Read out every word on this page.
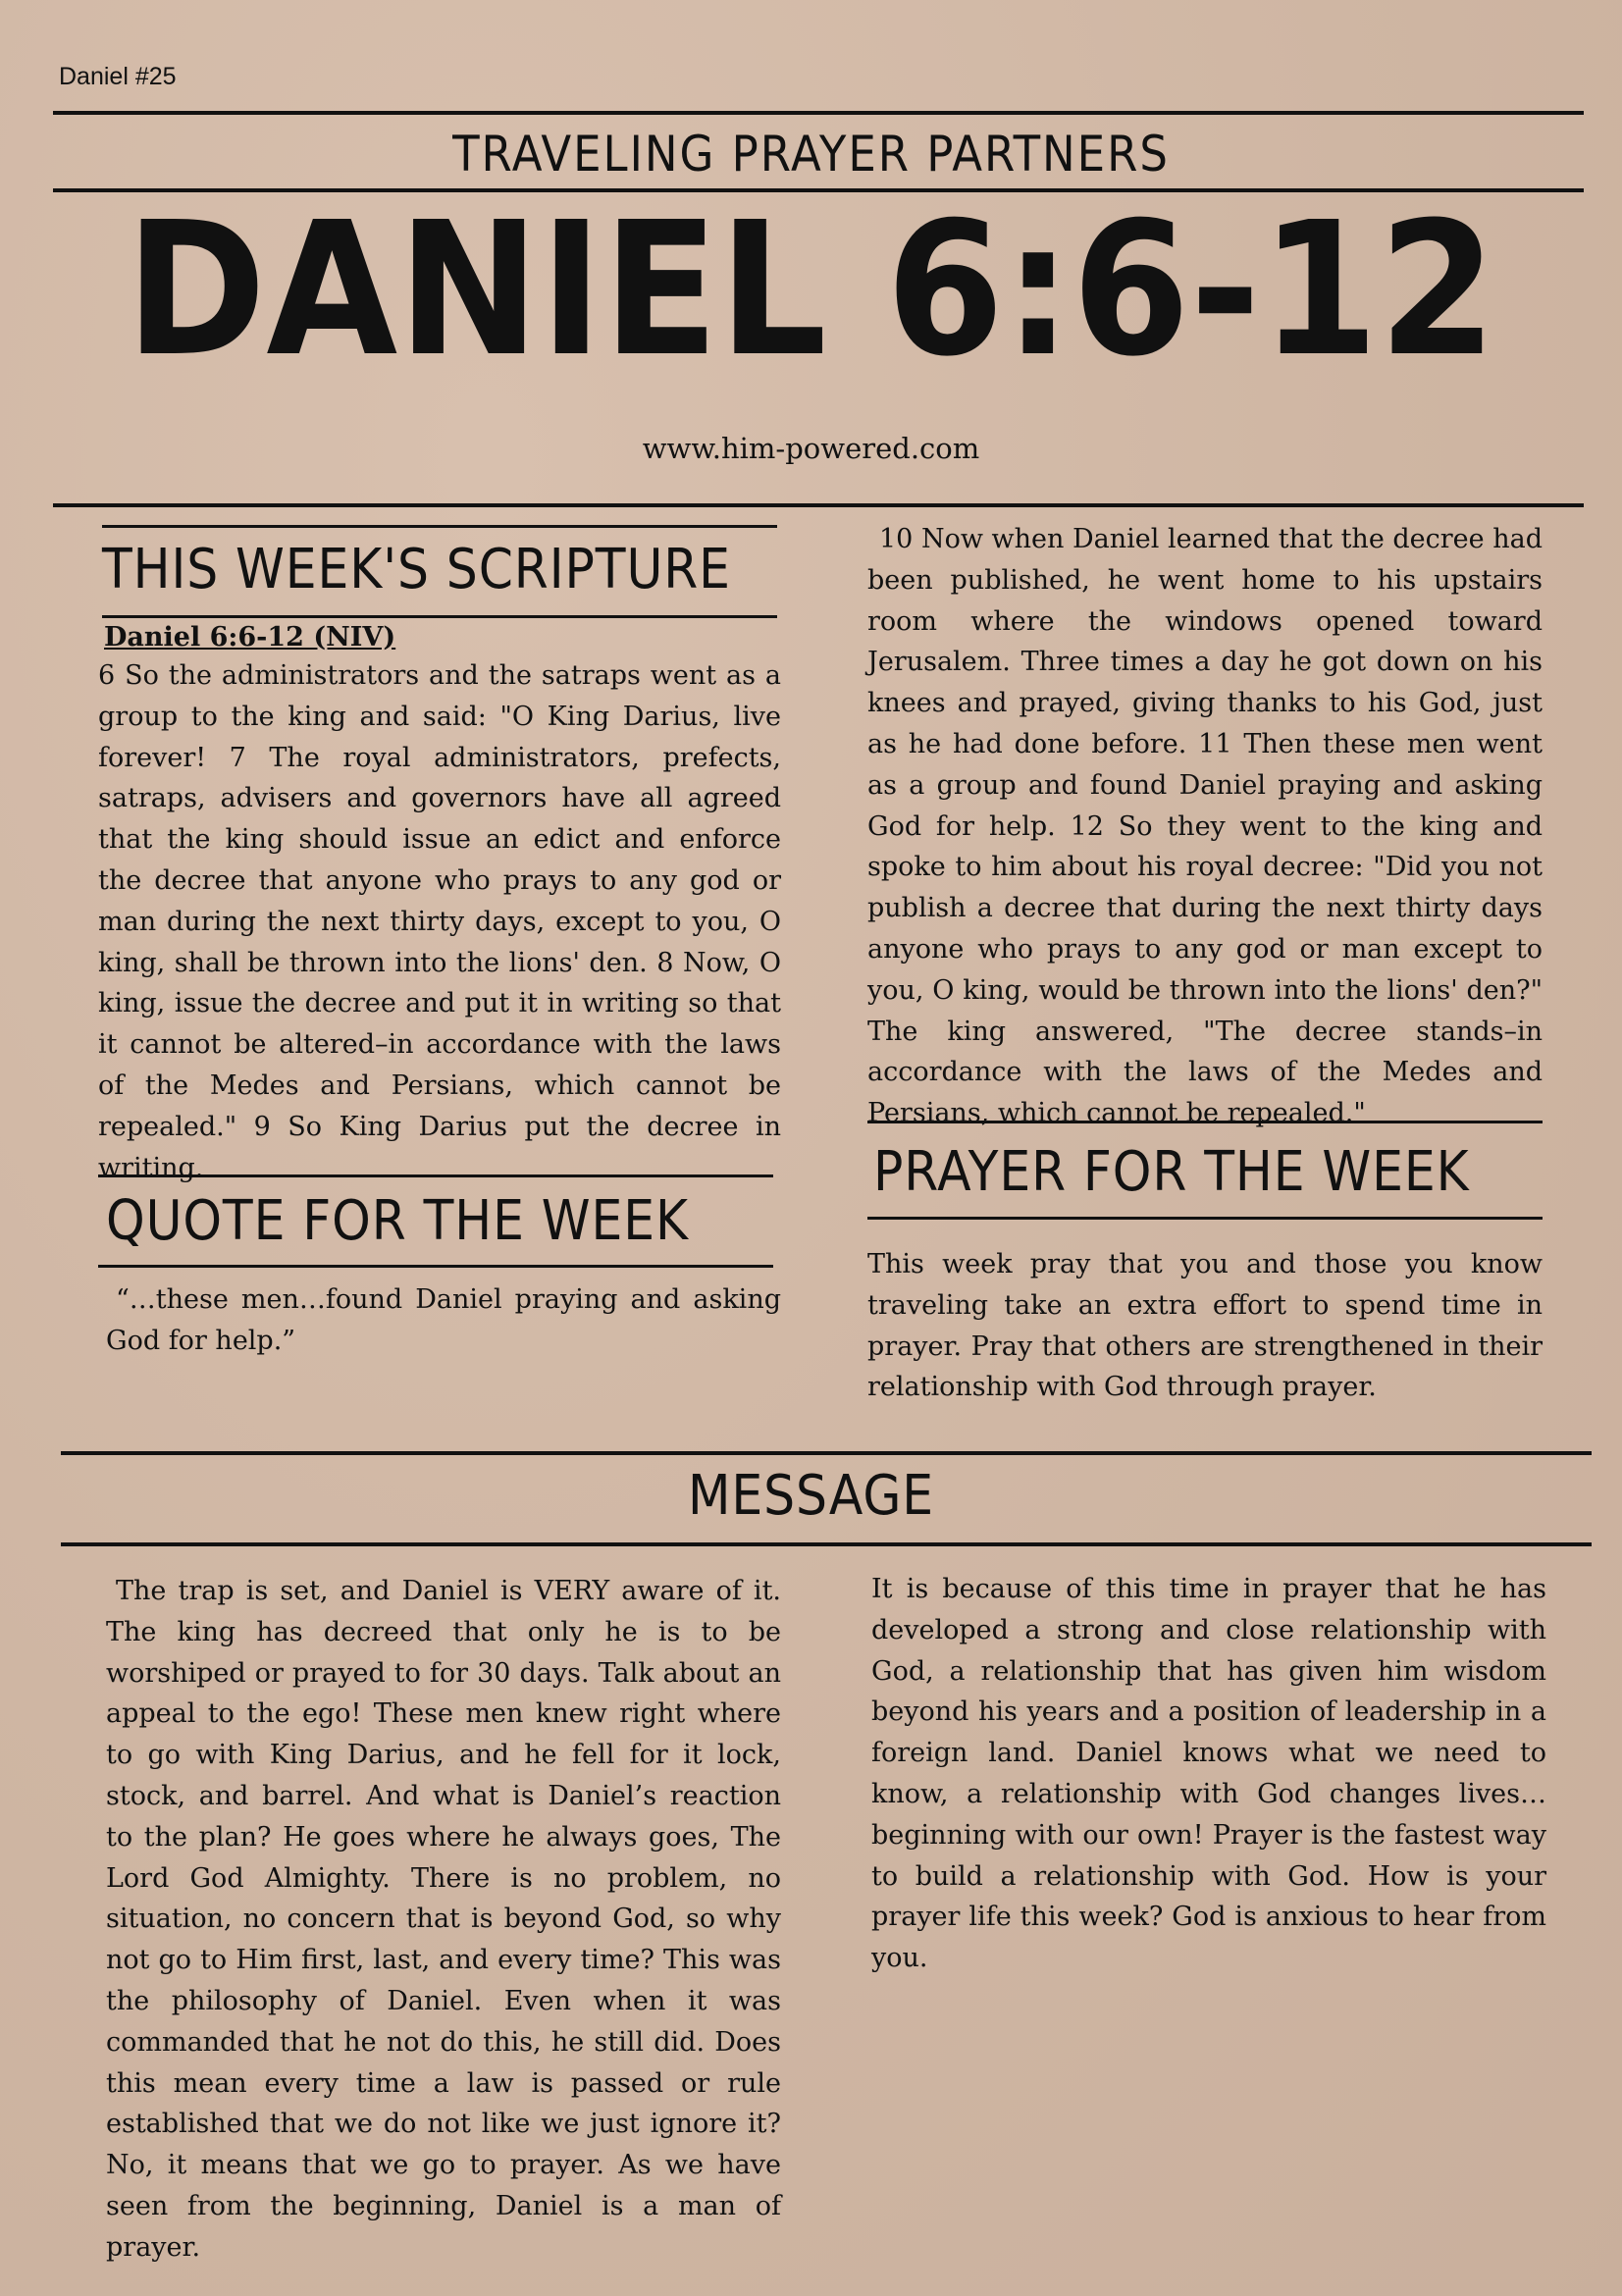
Daniel #25
TRAVELING PRAYER PARTNERS
DANIEL 6:6-12
www.him-powered.com
THIS WEEK'S SCRIPTURE
Daniel 6:6-12 (NIV)
6 So the administrators and the satraps went as a group to the king and said: "O King Darius, live forever! 7 The royal administrators, prefects, satraps, advisers and governors have all agreed that the king should issue an edict and enforce the decree that anyone who prays to any god or man during the next thirty days, except to you, O king, shall be thrown into the lions' den. 8 Now, O king, issue the decree and put it in writing so that it cannot be altered–in accordance with the laws of the Medes and Persians, which cannot be repealed." 9 So King Darius put the decree in writing.
QUOTE FOR THE WEEK
“…these men…found Daniel praying and asking God for help.”
10 Now when Daniel learned that the decree had been published, he went home to his upstairs room where the windows opened toward Jerusalem. Three times a day he got down on his knees and prayed, giving thanks to his God, just as he had done before. 11 Then these men went as a group and found Daniel praying and asking God for help. 12 So they went to the king and spoke to him about his royal decree: "Did you not publish a decree that during the next thirty days anyone who prays to any god or man except to you, O king, would be thrown into the lions' den?" The king answered, "The decree stands–in accordance with the laws of the Medes and Persians, which cannot be repealed."
PRAYER FOR THE WEEK
This week pray that you and those you know traveling take an extra effort to spend time in prayer. Pray that others are strengthened in their relationship with God through prayer.
MESSAGE
The trap is set, and Daniel is VERY aware of it. The king has decreed that only he is to be worshiped or prayed to for 30 days. Talk about an appeal to the ego! These men knew right where to go with King Darius, and he fell for it lock, stock, and barrel. And what is Daniel’s reaction to the plan? He goes where he always goes, The Lord God Almighty. There is no problem, no situation, no concern that is beyond God, so why not go to Him first, last, and every time? This was the philosophy of Daniel. Even when it was commanded that he not do this, he still did. Does this mean every time a law is passed or rule established that we do not like we just ignore it? No, it means that we go to prayer. As we have seen from the beginning, Daniel is a man of prayer.
It is because of this time in prayer that he has developed a strong and close relationship with God, a relationship that has given him wisdom beyond his years and a position of leadership in a foreign land. Daniel knows what we need to know, a relationship with God changes lives…beginning with our own! Prayer is the fastest way to build a relationship with God. How is your prayer life this week? God is anxious to hear from you.
